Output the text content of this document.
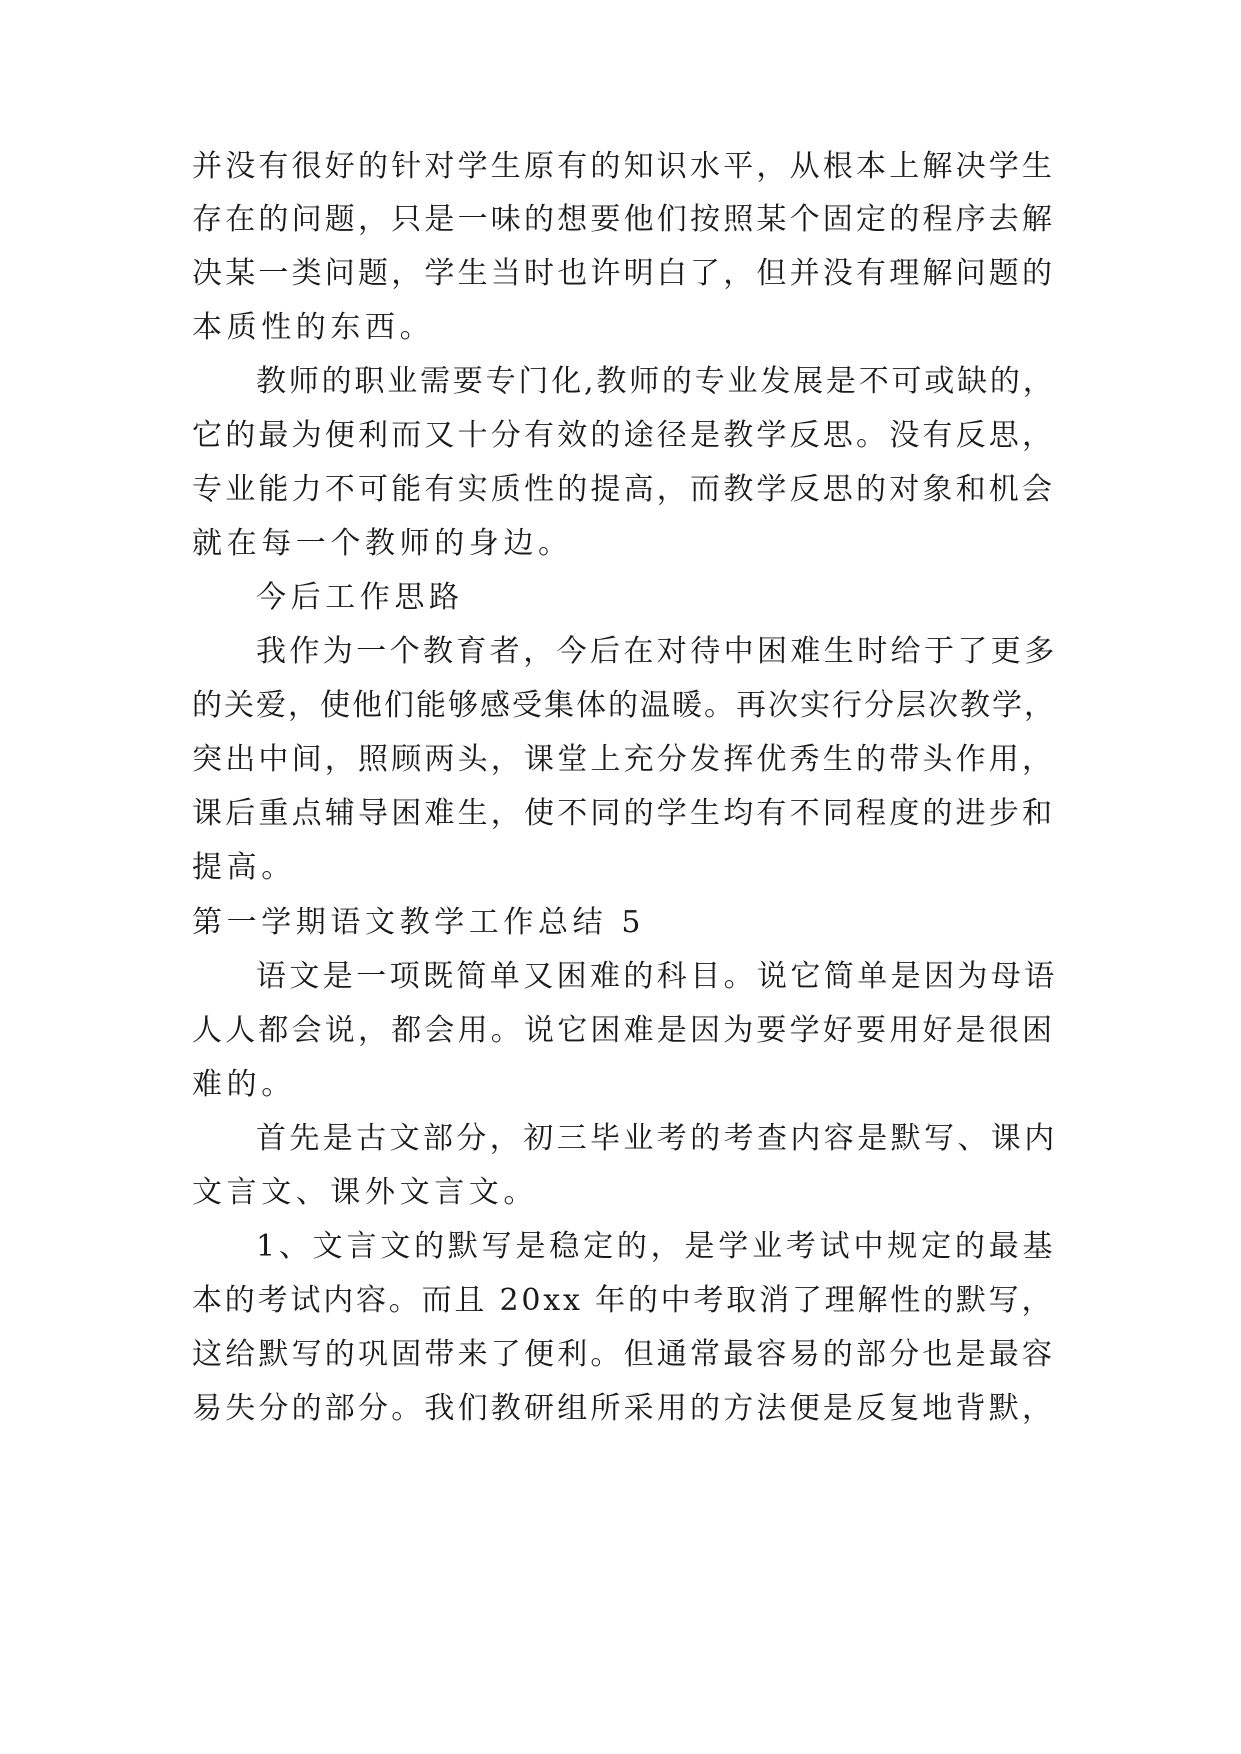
并没有很好的针对学生原有的知识水平，从根本上解决学生

存在的问题，只是一味的想要他们按照某个固定的程序去解

决某一类问题，学生当时也许明白了，但并没有理解问题的

本质性的东西。

教师的职业需要专门化,教师的专业发展是不可或缺的，

它的最为便利而又十分有效的途径是教学反思。没有反思，

专业能力不可能有实质性的提高，而教学反思的对象和机会

就在每一个教师的身边。

今后工作思路

我作为一个教育者，今后在对待中困难生时给于了更多

的关爱，使他们能够感受集体的温暖。再次实行分层次教学，

突出中间，照顾两头，课堂上充分发挥优秀生的带头作用，

课后重点辅导困难生，使不同的学生均有不同程度的进步和

提高。

第一学期语文教学工作总结 5

语文是一项既简单又困难的科目。说它简单是因为母语

人人都会说，都会用。说它困难是因为要学好要用好是很困

难的。

首先是古文部分，初三毕业考的考查内容是默写、课内

文言文、课外文言文。

1、文言文的默写是稳定的，是学业考试中规定的最基

本的考试内容。而且 20xx 年的中考取消了理解性的默写，

这给默写的巩固带来了便利。但通常最容易的部分也是最容

易失分的部分。我们教研组所采用的方法便是反复地背默，
